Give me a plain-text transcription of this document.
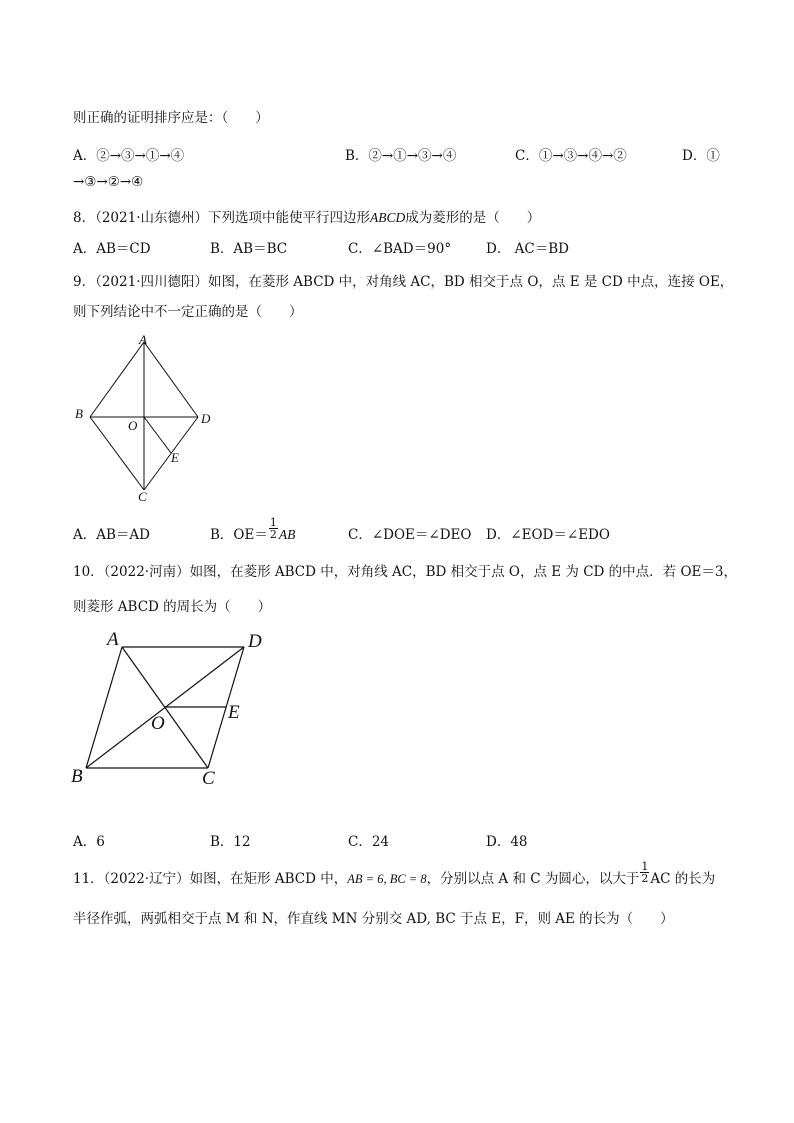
则正确的证明排序应是：（　　）
A．②→③→①→④	B．②→①→③→④	C．①→③→④→②	D．①
→③→②→④
8．（2021·山东德州）下列选项中能使平行四边形ABCD成为菱形的是（　　）
A．AB＝CD	B．AB＝BC	C．∠BAD＝90°	D． AC＝BD
9．（2021·四川德阳）如图，在菱形 ABCD 中，对角线 AC，BD 相交于点 O，点 E 是 CD 中点，连接 OE，
则下列结论中不一定正确的是（　　）
A
B	D
O
E
C
A．AB＝AD	B．$OE= \frac{1}{2}$ AB	C．∠DOE＝∠DEO D．∠EOD＝∠EDO
10．（2022·河南）如图，在菱形 ABCD 中，对角线 AC，BD 相交于点 O，点 E 为 CD 的中点．若 OE＝3，
则菱形 ABCD 的周长为（　　）
A	D
O
E
B	C
A．6	B．12	C．24	D．48
11．（2022·辽宁）如图，在矩形 ABCD 中，AB = 6, BC = 8，分别以点 A 和 C 为圆心，以大于 $\frac{1}{2}$ AC 的长为
半径作弧，两弧相交于点 M 和 N，作直线 MN 分别交 AD, BC 于点 E，F，则 AE 的长为（　　）
